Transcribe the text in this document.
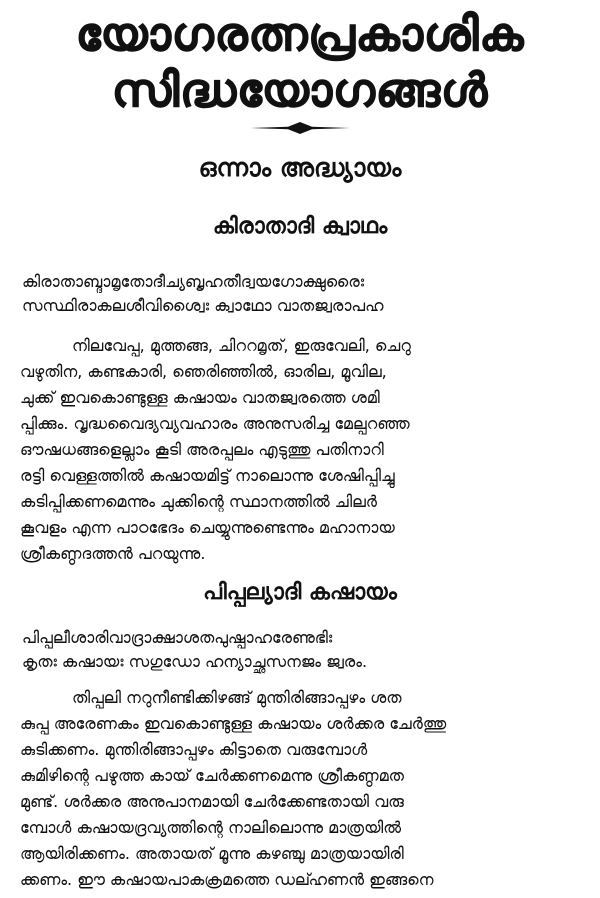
യോഗരത്നപ്രകാശിക
സിദ്ധയോഗങ്ങൾ
ഒന്നാം അദ്ധ്യായം
കിരാതാദി ക്വാഥം
കിരാതാബ്ദാമൃതോദീച്യബൃഹതീദ്വയഗോക്ഷുരൈഃ
സസ്ഥിരാകലശീവിശ്വൈഃ ക്വാഥോ വാതജ്വരാപഹ
നിലവേപ്പ, മുത്തങ്ങ, ചിററമൃത്, ഇരുവേലി, ചെറു
വഴുതിന, കണ്ടകാരി, ഞെരിഞ്ഞിൽ, ഓരില, മൂവില,
ചുക്ക് ഇവകൊണ്ടുള്ള കഷായം വാതജ്വരത്തെ ശമി
പ്പിക്കും. വൃദ്ധവൈദ്യവ്യവഹാരം അനുസരിച്ച മേല്പറഞ്ഞ
ഔഷധങ്ങളെല്ലാം കൂടി അരപ്പലം എടുത്തു പതിനാറി
രട്ടി വെള്ളത്തിൽ കഷായമിട്ട് നാലൊന്നു ശേഷിപ്പിച്ചു
കടിപ്പിക്കണമെന്നും ചുക്കിന്റെ സ്ഥാനത്തിൽ ചിലർ
കൂവളം എന്ന പാഠഭേദം ചെയ്യുന്നുണ്ടെന്നും മഹാനായ
ശ്രീകണ്ഠദത്തൻ പറയുന്നു.
പിപ്പല്യാദി കഷായം
പിപ്പലീശാരിവാദ്രാക്ഷാശതപുഷ്പാഹരേണുഭിഃ
കൃതഃ കഷായഃ സഗുഡോ ഹന്യാച്ഛ്ലസനജം ജ്വരം.
തിപ്പലി നറുനീണ്ടിക്കിഴങ്ങ് മുന്തിരിങ്ങാപ്പഴം ശത
കുപ്പ അരേണകം ഇവകൊണ്ടുള്ള കഷായം ശർക്കര ചേർത്തു
കുടിക്കണം. മുന്തിരിങ്ങാപ്പഴം കിട്ടാതെ വരുമ്പോൾ
കുമിഴിന്റെ പഴുത്ത കായ് ചേർക്കണമെന്നു ശ്രീകണ്ഠമത
മുണ്ട്. ശർക്കര അനുപാനമായി ചേർക്കേണ്ടതായി വരു
മ്പോൾ കഷായദ്രവ്യത്തിന്റെ നാലിലൊന്നു മാത്രയിൽ
ആയിരിക്കണം. അതായത് മൂന്നു കഴഞ്ചു മാത്രയായിരി
ക്കണം. ഈ കഷായപാകക്രമത്തെ ഡല്ഹണൻ ഇങ്ങനെ
